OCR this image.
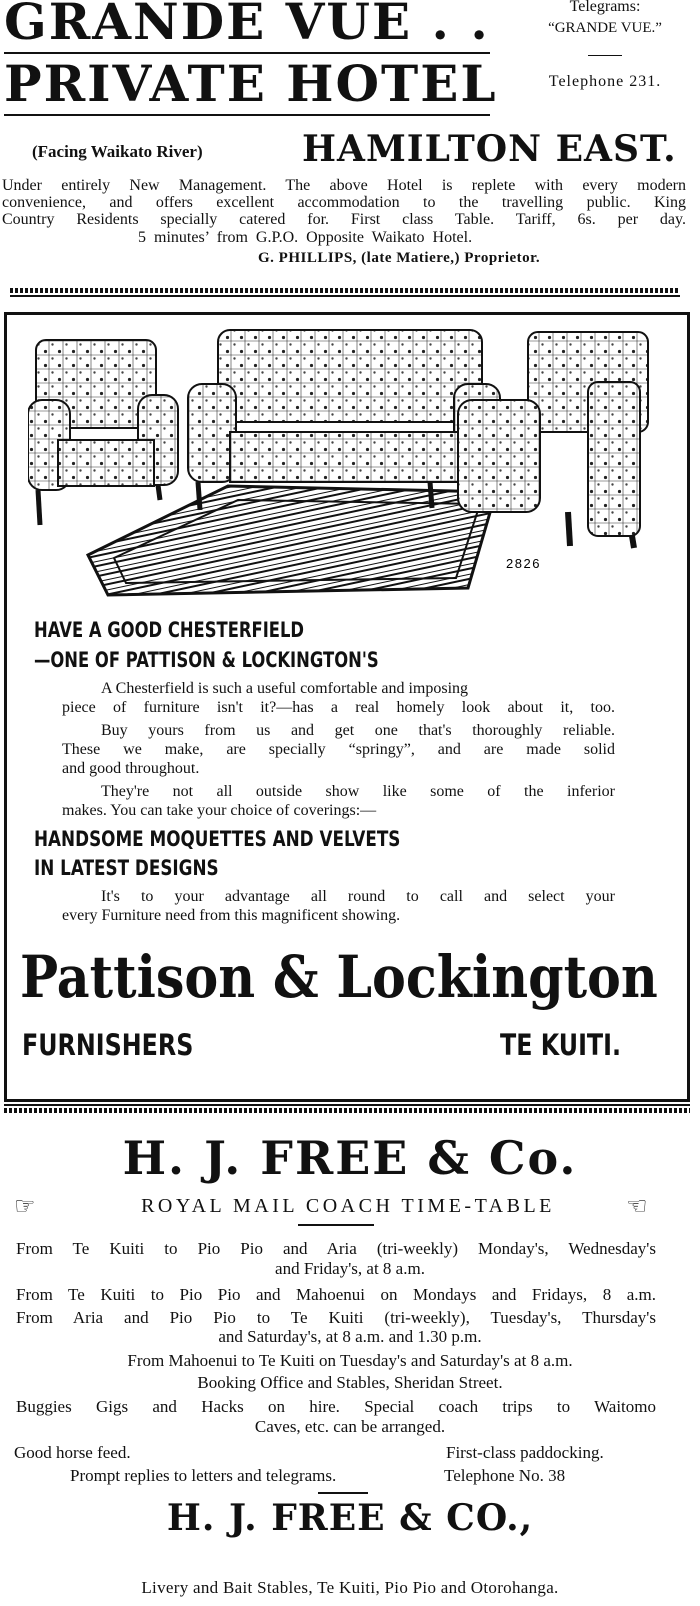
GRANDE VUE . .
PRIVATE HOTEL
Telegrams:
“GRANDE VUE.”
Telephone 231.
(Facing Waikato River)	HAMILTON EAST.
Under entirely New Management. The above Hotel is replete with every modern
convenience, and offers excellent accommodation to the travelling public. King
Country Residents specially catered for. First class Table. Tariff, 6s. per day.
5 minutes’ from G.P.O. Opposite Waikato Hotel.
G. PHILLIPS, (late Matiere,) Proprietor.
2826
HAVE A GOOD CHESTERFIELD
—ONE OF PATTISON & LOCKINGTON'S
A Chesterfield is such a useful comfortable and imposing
piece of furniture isn't it?—has a real homely look about it, too.
Buy yours from us and get one that's thoroughly reliable.
These we make, are specially “springy”, and are made solid
and good throughout.
They're not all outside show like some of the inferior
makes. You can take your choice of coverings:—
HANDSOME MOQUETTES AND VELVETS
IN LATEST DESIGNS
It's to your advantage all round to call and select your
every Furniture need from this magnificent showing.
Pattison & Lockington
FURNISHERS	TE KUITI.
H. J. FREE & Co.
☞	ROYAL MAIL COACH TIME-TABLE	☜
From Te Kuiti to Pio Pio and Aria (tri-weekly) Monday's, Wednesday's
and Friday's, at 8 a.m.
From Te Kuiti to Pio Pio and Mahoenui on Mondays and Fridays, 8 a.m.
From Aria and Pio Pio to Te Kuiti (tri-weekly), Tuesday's, Thursday's
and Saturday's, at 8 a.m. and 1.30 p.m.
From Mahoenui to Te Kuiti on Tuesday's and Saturday's at 8 a.m.
Booking Office and Stables, Sheridan Street.
Buggies Gigs and Hacks on hire. Special coach trips to Waitomo
Caves, etc. can be arranged.
Good horse feed.	First-class paddocking.
Prompt replies to letters and telegrams.	Telephone No. 38
H. J. FREE & CO.,
Livery and Bait Stables, Te Kuiti, Pio Pio and Otorohanga.
